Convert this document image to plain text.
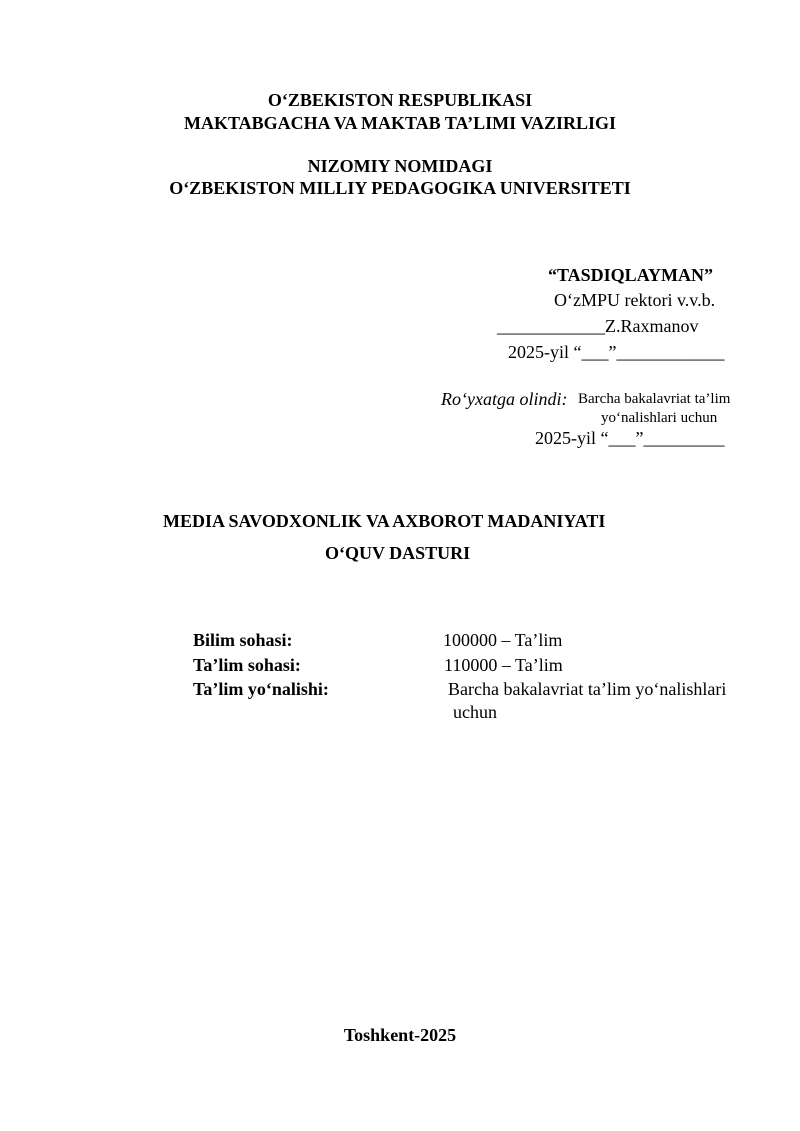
O‘ZBEKISTON RESPUBLIKASI
MAKTABGACHA VA MAKTAB TA’LIMI VAZIRLIGI
NIZOMIY NOMIDAGI
O‘ZBEKISTON MILLIY PEDAGOGIKA UNIVERSITETI
“TASDIQLAYMAN”
O‘zMPU rektori v.v.b.
____________Z.Raxmanov
2025-yil “___”____________
Ro‘yxatga olindi: Barcha bakalavriat ta’lim
yo‘nalishlari uchun
2025-yil “___”_________
MEDIA SAVODXONLIK VA AXBOROT MADANIYATI
O‘QUV DASTURI
Bilim sohasi:	100000 – Ta’lim
Ta’lim sohasi:	110000 – Ta’lim
Ta’lim yo‘nalishi:	Barcha bakalavriat ta’lim yo‘nalishlari
uchun
Toshkent-2025
